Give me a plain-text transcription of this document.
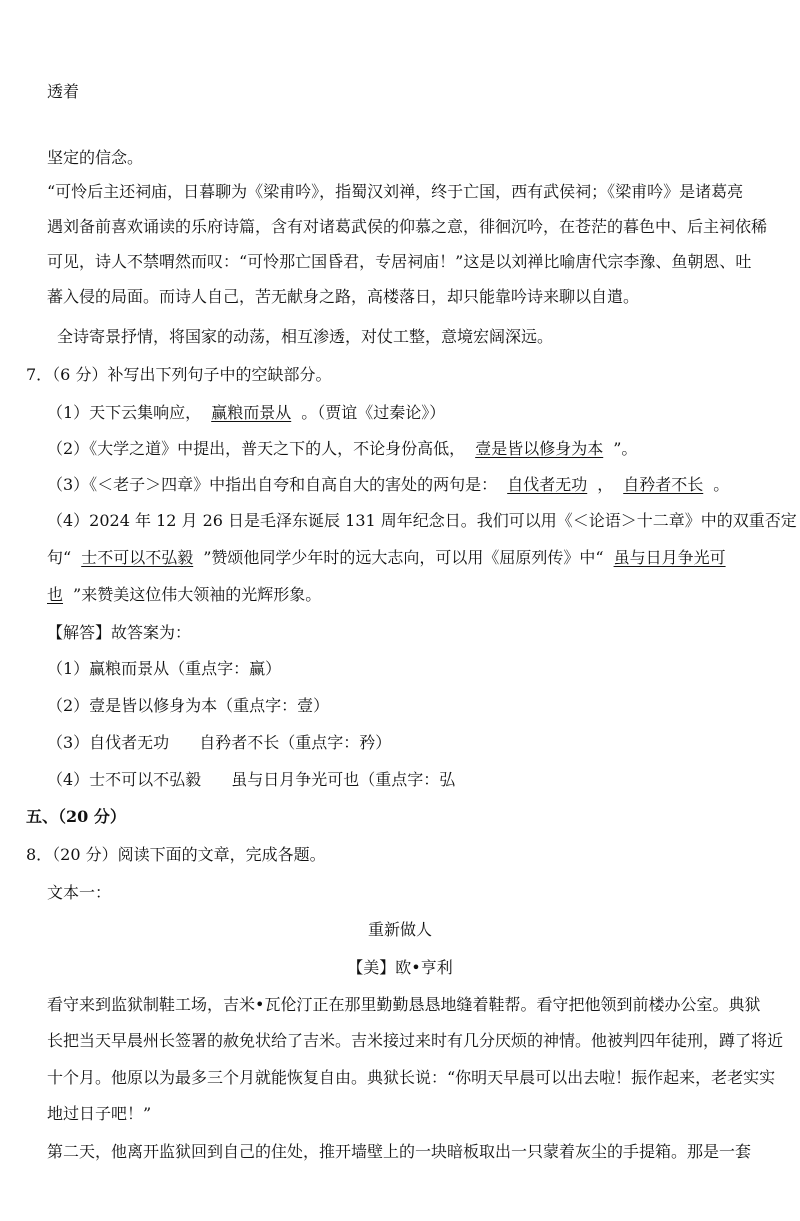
透着
坚定的信念。
“可怜后主还祠庙，日暮聊为《梁甫吟》，指蜀汉刘禅，终于亡国，西有武侯祠；《梁甫吟》是诸葛亮
遇刘备前喜欢诵读的乐府诗篇，含有对诸葛武侯的仰慕之意，徘徊沉吟，在苍茫的暮色中、后主祠依稀
可见，诗人不禁喟然而叹：“可怜那亡国昏君，专居祠庙！”这是以刘禅比喻唐代宗李豫、鱼朝恩、吐
蕃入侵的局面。而诗人自己，苦无献身之路，高楼落日，却只能靠吟诗来聊以自遣。
全诗寄景抒情，将国家的动荡，相互渗透，对仗工整，意境宏阔深远。
7．（6 分）补写出下列句子中的空缺部分。
（1）天下云集响应， 赢粮而景从 。（贾谊《过秦论》）
（2）《大学之道》中提出，普天之下的人，不论身份高低， 壹是皆以修身为本 ”。
（3）《＜老子＞四章》中指出自夸和自高自大的害处的两句是： 自伐者无功 ， 自矜者不长 。
（4）2024 年 12 月 26 日是毛泽东诞辰 131 周年纪念日。我们可以用《＜论语＞十二章》中的双重否定
句“ 士不可以不弘毅 ”赞颂他同学少年时的远大志向，可以用《屈原列传》中“ 虽与日月争光可
也 ”来赞美这位伟大领袖的光辉形象。
【解答】故答案为：
（1）赢粮而景从（重点字：赢）
（2）壹是皆以修身为本（重点字：壹）
（3）自伐者无功 自矜者不长（重点字：矜）
（4）士不可以不弘毅 虽与日月争光可也（重点字：弘
五、（20 分）
8．（20 分）阅读下面的文章，完成各题。
文本一：
重新做人
【美】欧•亨利
看守来到监狱制鞋工场，吉米•瓦伦汀正在那里勤勤恳恳地缝着鞋帮。看守把他领到前楼办公室。典狱
长把当天早晨州长签署的赦免状给了吉米。吉米接过来时有几分厌烦的神情。他被判四年徒刑，蹲了将近
十个月。他原以为最多三个月就能恢复自由。典狱长说：“你明天早晨可以出去啦！振作起来，老老实实
地过日子吧！”
第二天，他离开监狱回到自己的住处，推开墙壁上的一块暗板取出一只蒙着灰尘的手提箱。那是一套
